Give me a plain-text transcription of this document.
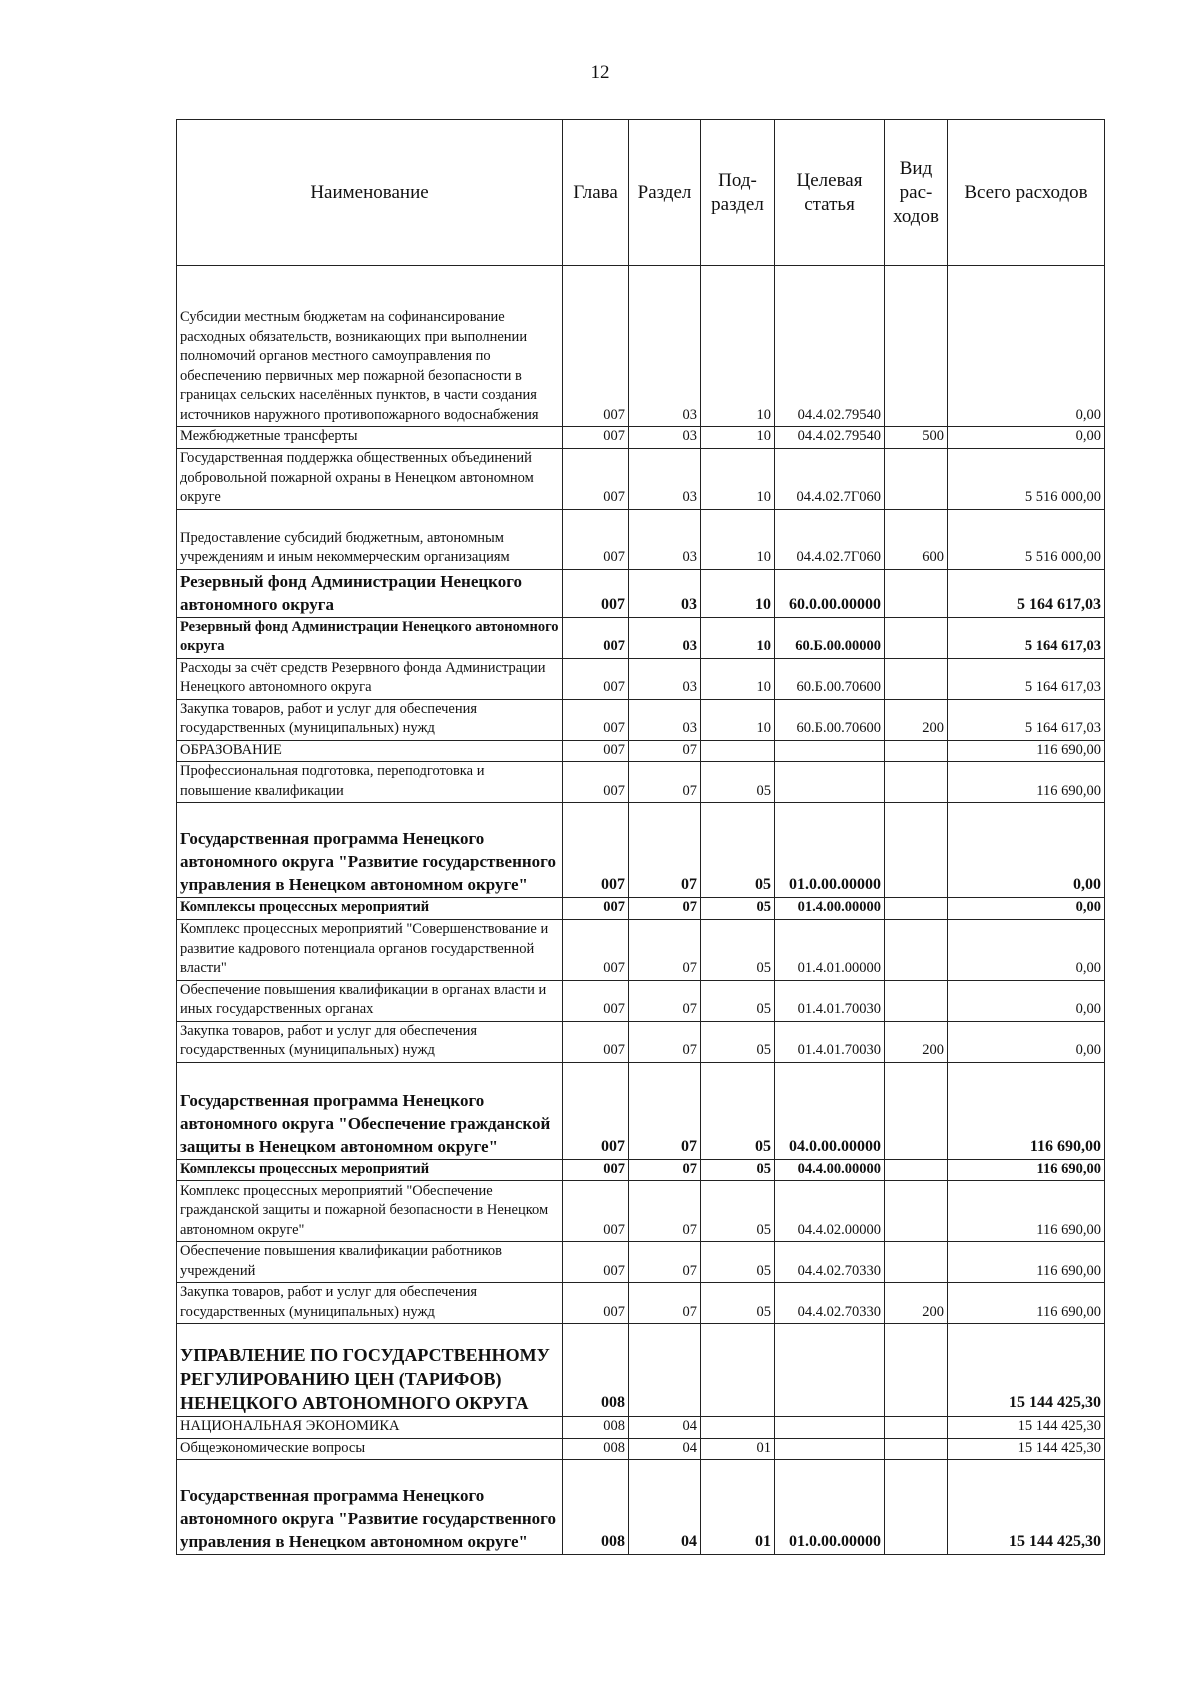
12
Наименование	Глава	Раздел	Под-раздел	Целевая статья	Вид рас-ходов	Всего расходов
Субсидии местным бюджетам на софинансирование расходных обязательств, возникающих при выполнении полномочий органов местного самоуправления по обеспечению первичных мер пожарной безопасности в границах сельских населённых пунктов, в части создания источников наружного противопожарного водоснабжения	007	03	10	04.4.02.79540		0,00
Межбюджетные трансферты	007	03	10	04.4.02.79540	500	0,00
Государственная поддержка общественных объединений добровольной пожарной охраны в Ненецком автономном округе	007	03	10	04.4.02.7Г060		5 516 000,00
Предоставление субсидий бюджетным, автономным учреждениям и иным некоммерческим организациям	007	03	10	04.4.02.7Г060	600	5 516 000,00
Резервный фонд Администрации Ненецкого автономного округа	007	03	10	60.0.00.00000		5 164 617,03
Резервный фонд Администрации Ненецкого автономного округа	007	03	10	60.Б.00.00000		5 164 617,03
Расходы за счёт средств Резервного фонда Администрации Ненецкого автономного округа	007	03	10	60.Б.00.70600		5 164 617,03
Закупка товаров, работ и услуг для обеспечения государственных (муниципальных) нужд	007	03	10	60.Б.00.70600	200	5 164 617,03
ОБРАЗОВАНИЕ	007	07				116 690,00
Профессиональная подготовка, переподготовка и повышение квалификации	007	07	05			116 690,00
Государственная программа Ненецкого автономного округа "Развитие государственного управления в Ненецком автономном округе"	007	07	05	01.0.00.00000		0,00
Комплексы процессных мероприятий	007	07	05	01.4.00.00000		0,00
Комплекс процессных мероприятий "Совершенствование и развитие кадрового потенциала органов государственной власти"	007	07	05	01.4.01.00000		0,00
Обеспечение повышения квалификации в органах власти и иных государственных органах	007	07	05	01.4.01.70030		0,00
Закупка товаров, работ и услуг для обеспечения государственных (муниципальных) нужд	007	07	05	01.4.01.70030	200	0,00
Государственная программа Ненецкого автономного округа "Обеспечение гражданской защиты в Ненецком автономном округе"	007	07	05	04.0.00.00000		116 690,00
Комплексы процессных мероприятий	007	07	05	04.4.00.00000		116 690,00
Комплекс процессных мероприятий "Обеспечение гражданской защиты и пожарной безопасности в Ненецком автономном округе"	007	07	05	04.4.02.00000		116 690,00
Обеспечение повышения квалификации работников учреждений	007	07	05	04.4.02.70330		116 690,00
Закупка товаров, работ и услуг для обеспечения государственных (муниципальных) нужд	007	07	05	04.4.02.70330	200	116 690,00
УПРАВЛЕНИЕ ПО ГОСУДАРСТВЕННОМУ РЕГУЛИРОВАНИЮ ЦЕН (ТАРИФОВ) НЕНЕЦКОГО АВТОНОМНОГО ОКРУГА	008					15 144 425,30
НАЦИОНАЛЬНАЯ ЭКОНОМИКА	008	04				15 144 425,30
Общеэкономические вопросы	008	04	01			15 144 425,30
Государственная программа Ненецкого автономного округа "Развитие государственного управления в Ненецком автономном округе"	008	04	01	01.0.00.00000		15 144 425,30
